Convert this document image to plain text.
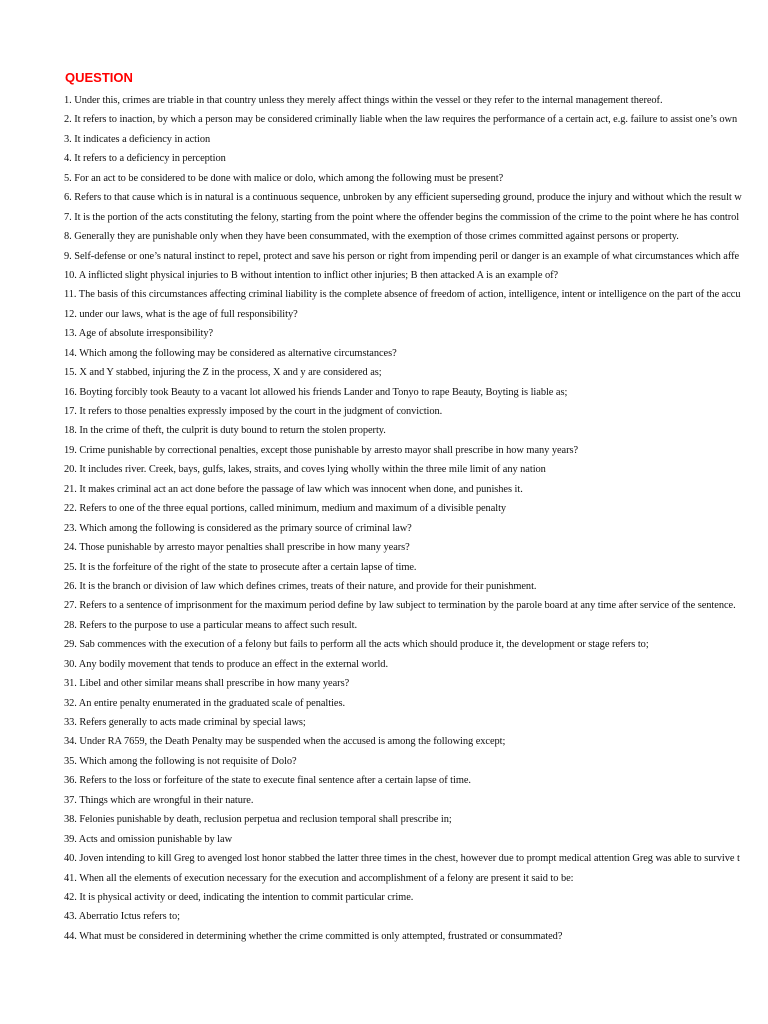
QUESTION
1. Under this, crimes are triable in that country unless they merely affect things within the vessel or they refer to the internal management thereof.
2. It refers to inaction, by which a person may be considered criminally liable when the law requires the performance of a certain act, e.g. failure to assist one’s own
3. It indicates a deficiency in action
4. It refers to a deficiency in perception
5. For an act to be considered to be done with malice or dolo, which among the following must be present?
6. Refers to that cause which is in natural is a continuous sequence, unbroken by any efficient superseding ground, produce the injury and without which the result w
7. It is the portion of the acts constituting the felony, starting from the point where the offender begins the commission of the crime to the point where he has control
8. Generally they are punishable only when they have been consummated, with the exemption of those crimes committed against persons or property.
9. Self-defense or one’s natural instinct to repel, protect and save his person or right from impending peril or danger is an example of what circumstances which affe
10. A inflicted slight physical injuries to B without intention to inflict other injuries; B then attacked A is an example of?
11. The basis of this circumstances affecting criminal liability is the complete absence of freedom of action, intelligence, intent or intelligence on the part of the accu
12. under our laws, what is the age of full responsibility?
13. Age of absolute irresponsibility?
14. Which among the following may be considered as alternative circumstances?
15. X and Y stabbed, injuring the Z in the process, X and y are considered as;
16. Boyting forcibly took Beauty to a vacant lot allowed his friends Lander and Tonyo to rape Beauty, Boyting is liable as;
17. It refers to those penalties expressly imposed by the court in the judgment of conviction.
18. In the crime of theft, the culprit is duty bound to return the stolen property.
19. Crime punishable by correctional penalties, except those punishable by arresto mayor shall prescribe in how many years?
20. It includes river. Creek, bays, gulfs, lakes, straits, and coves lying wholly within the three mile limit of any nation
21. It makes criminal act an act done before the passage of law which was innocent when done, and punishes it.
22. Refers to one of the three equal portions, called minimum, medium and maximum of a divisible penalty
23. Which among the following is considered as the primary source of criminal law?
24. Those punishable by arresto mayor penalties shall prescribe in how many years?
25. It is the forfeiture of the right of the state to prosecute after a certain lapse of time.
26. It is the branch or division of law which defines crimes, treats of their nature, and provide for their punishment.
27. Refers to a sentence of imprisonment for the maximum period define by law subject to termination by the parole board at any time after service of the sentence.
28. Refers to the purpose to use a particular means to affect such result.
29. Sab commences with the execution of a felony but fails to perform all the acts which should produce it, the development or stage refers to;
30. Any bodily movement that tends to produce an effect in the external world.
31. Libel and other similar means shall prescribe in how many years?
32. An entire penalty enumerated in the graduated scale of penalties.
33. Refers generally to acts made criminal by special laws;
34. Under RA 7659, the Death Penalty may be suspended when the accused is among the following except;
35. Which among the following is not requisite of Dolo?
36. Refers to the loss or forfeiture of the state to execute final sentence after a certain lapse of time.
37. Things which are wrongful in their nature.
38. Felonies punishable by death, reclusion perpetua and reclusion temporal shall prescribe in;
39. Acts and omission punishable by law
40. Joven intending to kill Greg to avenged lost honor stabbed the latter three times in the chest, however due to prompt medical attention Greg was able to survive t
41. When all the elements of execution necessary for the execution and accomplishment of a felony are present it said to be:
42. It is physical activity or deed, indicating the intention to commit particular crime.
43. Aberratio Ictus refers to;
44. What must be considered in determining whether the crime committed is only attempted, frustrated or consummated?
